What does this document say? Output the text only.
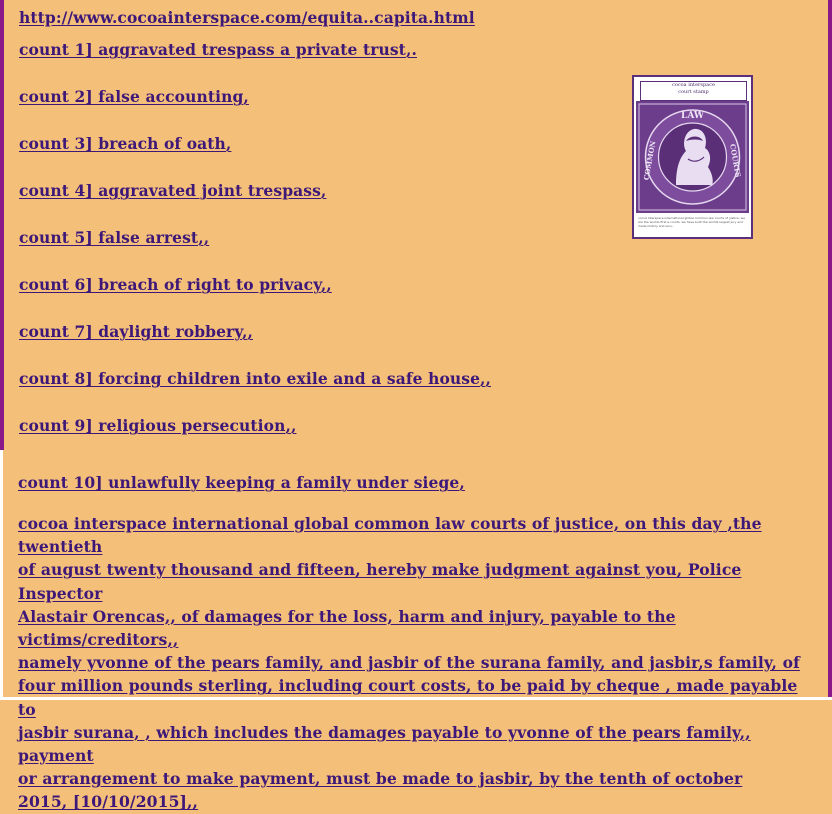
http://www.cocoainterspace.com/equita..capita.html
count 1] aggravated trespass a private trust,.
count 2] false accounting,
count 3] breach of oath,
count 4] aggravated joint trespass,
count 5] false arrest,,
count 6] breach of right to privacy,,
count 7] daylight robbery,,
count 8] forcing children into exile and a safe house,,
count 9] religious persecution,,
count 10] unlawfully keeping a family under siege,
cocoa interspace international global common law courts of justice, on this day ,the twentieth
of august twenty thousand and fifteen, hereby make judgment against you, Police Inspector
Alastair Orencas,, of damages for the loss, harm and injury, payable to the victims/creditors,,
namely yvonne of the pears family, and jasbir of the surana family, and jasbir,s family, of
four million pounds sterling, including court costs, to be paid by cheque , made payable to
jasbir surana, , which includes the damages payable to yvonne of the pears family,, payment
or arrangement to make payment, must be made to jasbir, by the tenth of october
2015, [10/10/2015],,
cocoa interspace
court stamp
LAW
COMMON	COURTS
cocoa interspace international global common law courts of justice, we are the worlds first e-courts, we have built the worlds largest jury and made history and won,,
